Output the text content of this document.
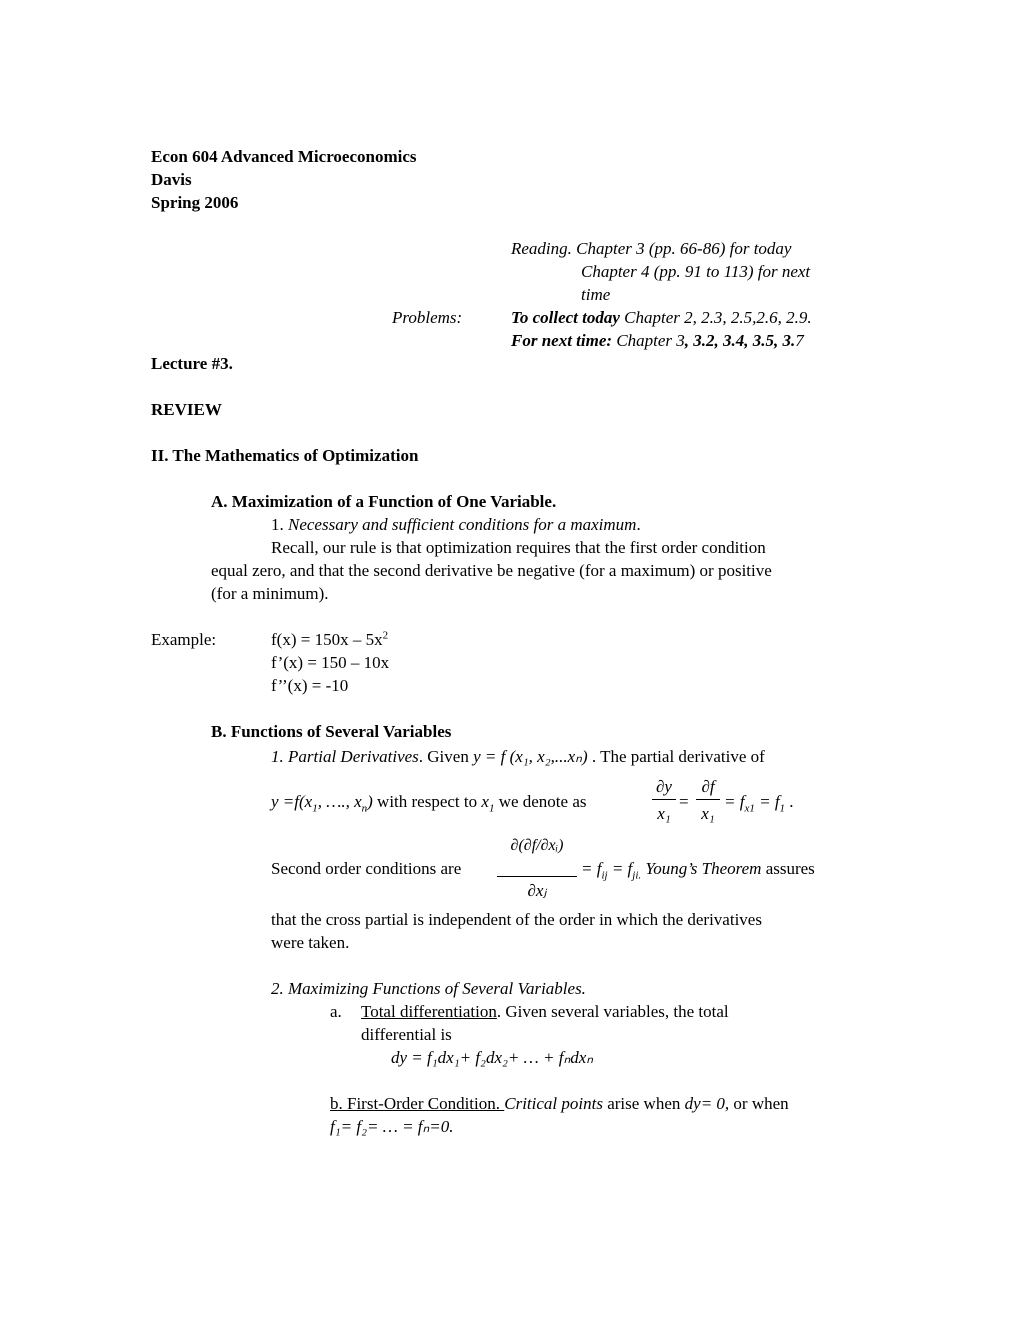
Econ 604 Advanced Microeconomics
Davis
Spring 2006
Reading. Chapter 3 (pp. 66-86) for today
Chapter 4 (pp. 91 to 113) for next
time
Problems:	To collect today Chapter 2, 2.3, 2.5,2.6, 2.9.
For next time: Chapter 3, 3.2, 3.4, 3.5, 3.7
Lecture #3.
REVIEW
II. The Mathematics of Optimization
A. Maximization of a Function of One Variable.
1. Necessary and sufficient conditions for a maximum.
Recall, our rule is that optimization requires that the first order condition
equal zero, and that the second derivative be negative (for a maximum) or positive
(for a minimum).
Example:	$f(x) = 150x - 5x^2$
f’(x) = 150 – 10x
f’’(x) = -10
B. Functions of Several Variables
1. Partial Derivatives. Given y = f (x₁, x₂,...xₙ) . The partial derivative of
$y =f(x_1$, …., $x_n$) with respect to $x_1$ we denote as
∂y
x₁
=
∂f
x₁
= $f_{x1} = f_1$ .
Second order conditions are
∂(∂f/∂xᵢ)
∂xⱼ
= $f_{ij} = f_{ji.}$ Young’s Theorem assures
that the cross partial is independent of the order in which the derivatives
were taken.
2. Maximizing Functions of Several Variables.
a. Total differentiation. Given several variables, the total
differential is
dy = f₁dx₁+ f₂dx₂+ … + fₙdxₙ
b. First-Order Condition. Critical points arise when dy= 0, or when
f₁= f₂= … = fₙ=0.
